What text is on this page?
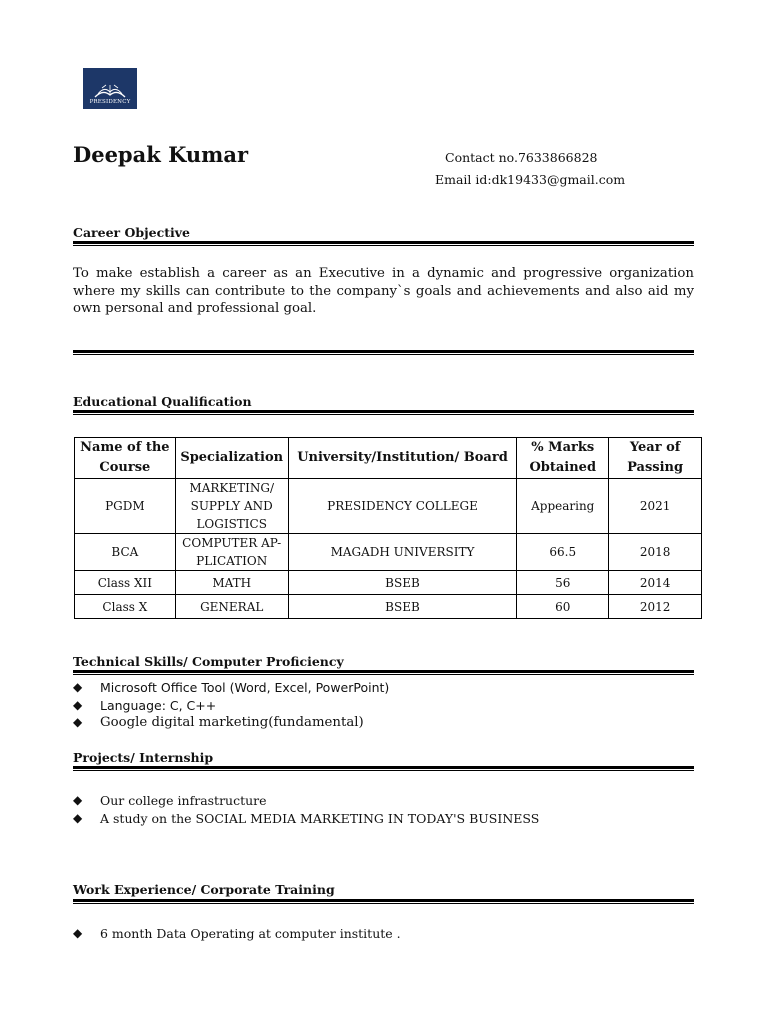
PRESIDENCY
Deepak Kumar	Contact no.7633866828
Email id:dk19433@gmail.com
Career Objective
To make establish a career as an Executive in a dynamic and progressive organization where my skills can contribute to the company`s goals and achievements and also aid my own personal and professional goal.
Educational Qualification
Name of the Course	Specialization	University/Institution/ Board	% Marks Obtained	Year of Passing
PGDM	MARKETING/ SUPPLY AND LOGISTICS	PRESIDENCY COLLEGE	Appearing	2021
BCA	COMPUTER AP-PLICATION	MAGADH UNIVERSITY	66.5	2018
Class XII	MATH	BSEB	56	2014
Class X	GENERAL	BSEB	60	2012
Technical Skills/ Computer Proficiency
◆ Microsoft Office Tool (Word, Excel, PowerPoint)
◆ Language: C, C++
◆ Google digital marketing(fundamental)
Projects/ Internship
◆ Our college infrastructure
◆ A study on the SOCIAL MEDIA MARKETING IN TODAY'S BUSINESS
Work Experience/ Corporate Training
◆ 6 month Data Operating at computer institute .
